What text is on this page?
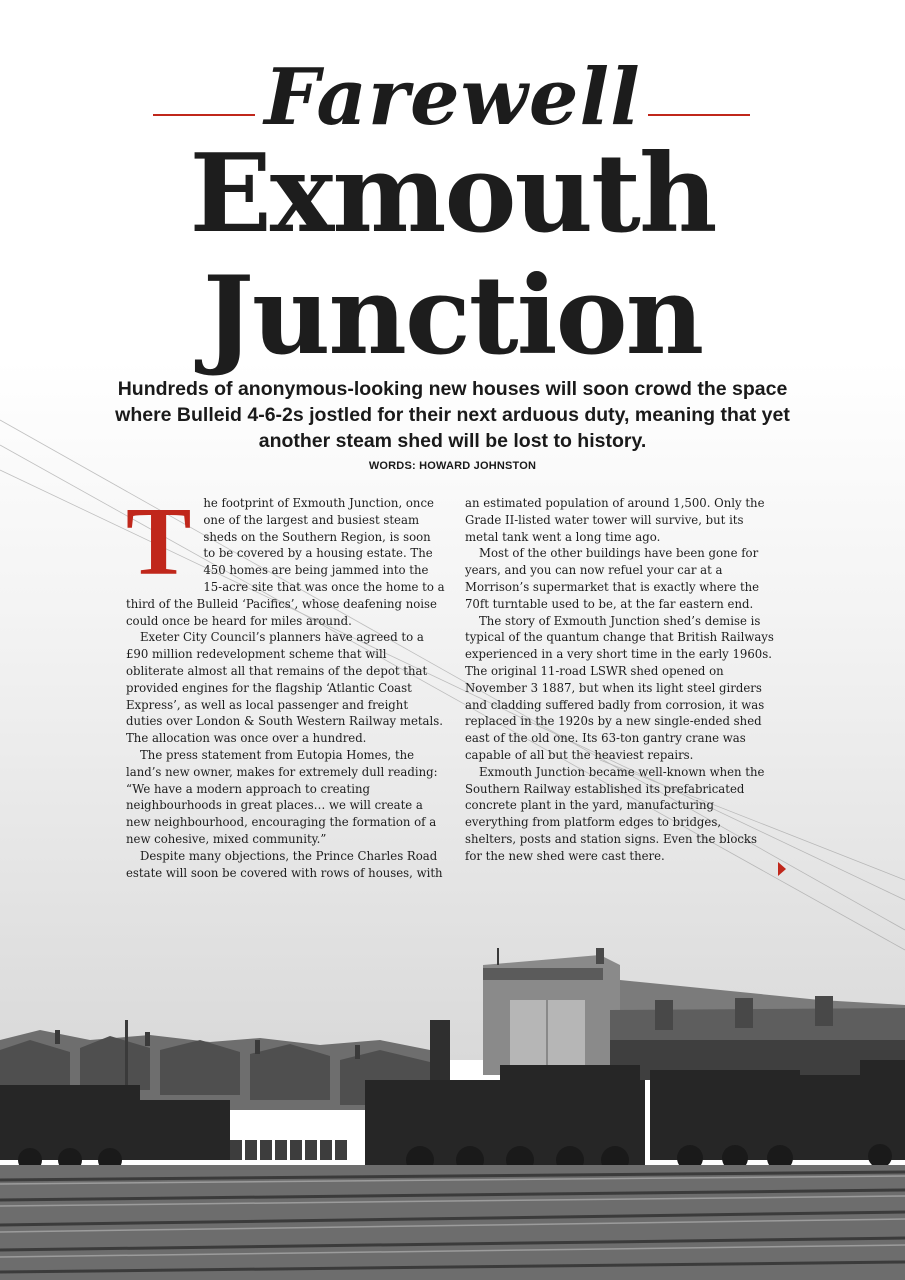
Farewell
Exmouth
Junction
Hundreds of anonymous-looking new houses will soon crowd the space where Bulleid 4-6-2s jostled for their next arduous duty, meaning that yet another steam shed will be lost to history.
WORDS: HOWARD JOHNSTON
T	he footprint of Exmouth Junction, once one of the largest and busiest steam sheds on the Southern Region, is soon to be covered by a housing estate. The 450 homes are being jammed into the 15-acre site that was once the home to a third of the Bulleid ‘Pacifics’, whose deafening noise could once be heard for miles around.

Exeter City Council’s planners have agreed to a £90 million redevelopment scheme that will obliterate almost all that remains of the depot that provided engines for the flagship ‘Atlantic Coast Express’, as well as local passenger and freight duties over London & South Western Railway metals. The allocation was once over a hundred.

The press statement from Eutopia Homes, the land’s new owner, makes for extremely dull reading: “We have a modern approach to creating neighbourhoods in great places… we will create a new neighbourhood, encouraging the formation of a new cohesive, mixed community.”

Despite many objections, the Prince Charles Road estate will soon be covered with rows of houses, with

an estimated population of around 1,500. Only the Grade II-listed water tower will survive, but its metal tank went a long time ago.

Most of the other buildings have been gone for years, and you can now refuel your car at a Morrison’s supermarket that is exactly where the 70ft turntable used to be, at the far eastern end.

The story of Exmouth Junction shed’s demise is typical of the quantum change that British Railways experienced in a very short time in the early 1960s. The original 11-road LSWR shed opened on November 3 1887, but when its light steel girders and cladding suffered badly from corrosion, it was replaced in the 1920s by a new single-ended shed east of the old one. Its 63-ton gantry crane was capable of all but the heaviest repairs.

Exmouth Junction became well-known when the Southern Railway established its prefabricated concrete plant in the yard, manufacturing everything from platform edges to bridges, shelters, posts and station signs. Even the blocks for the new shed were cast there.
